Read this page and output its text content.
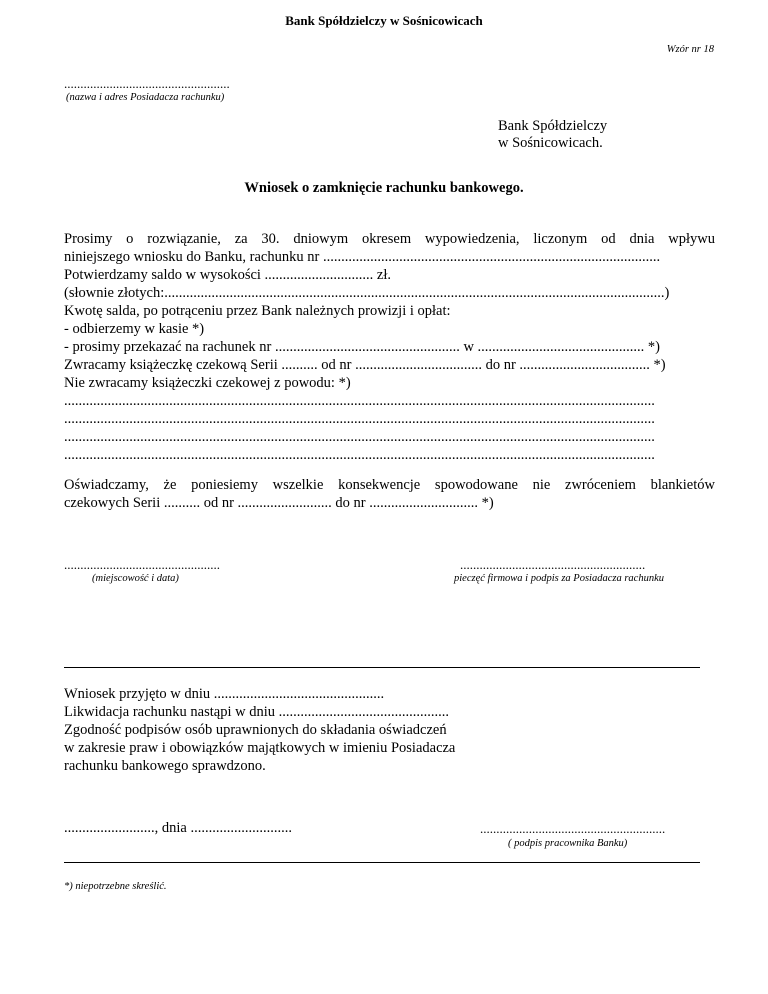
Bank Spółdzielczy w Sośnicowicach
Wzór nr 18
...................................................
(nazwa i adres Posiadacza rachunku)
Bank Spółdzielczy
w Sośnicowicach.
Wniosek o zamknięcie rachunku bankowego.
Prosimy o rozwiązanie, za 30. dniowym okresem wypowiedzenia, liczonym od dnia wpływu
niniejszego wniosku do Banku, rachunku nr .............................................................................................
Potwierdzamy saldo w wysokości .............................. zł.
(słownie złotych:..........................................................................................................................................)
Kwotę salda, po potrąceniu przez Bank należnych prowizji i opłat:
- odbierzemy w kasie *)
- prosimy przekazać na rachunek nr ................................................... w .............................................. *)
Zwracamy książeczkę czekową Serii .......... od nr ................................... do nr .................................... *)
Nie zwracamy książeczki czekowej z powodu: *)
...................................................................................................................................................................
...................................................................................................................................................................
...................................................................................................................................................................
...................................................................................................................................................................
Oświadczamy, że poniesiemy wszelkie konsekwencje spowodowane nie zwróceniem blankietów
czekowych Serii .......... od nr .......................... do nr .............................. *)
................................................
(miejscowość i data)
.........................................................
pieczęć firmowa i podpis za Posiadacza rachunku
Wniosek przyjęto w dniu ...............................................
Likwidacja rachunku nastąpi w dniu ...............................................
Zgodność podpisów osób uprawnionych do składania oświadczeń
w zakresie praw i obowiązków majątkowych w imieniu Posiadacza
rachunku bankowego sprawdzono.
........................., dnia ............................	.........................................................
( podpis pracownika Banku)
*) niepotrzebne skreślić.
